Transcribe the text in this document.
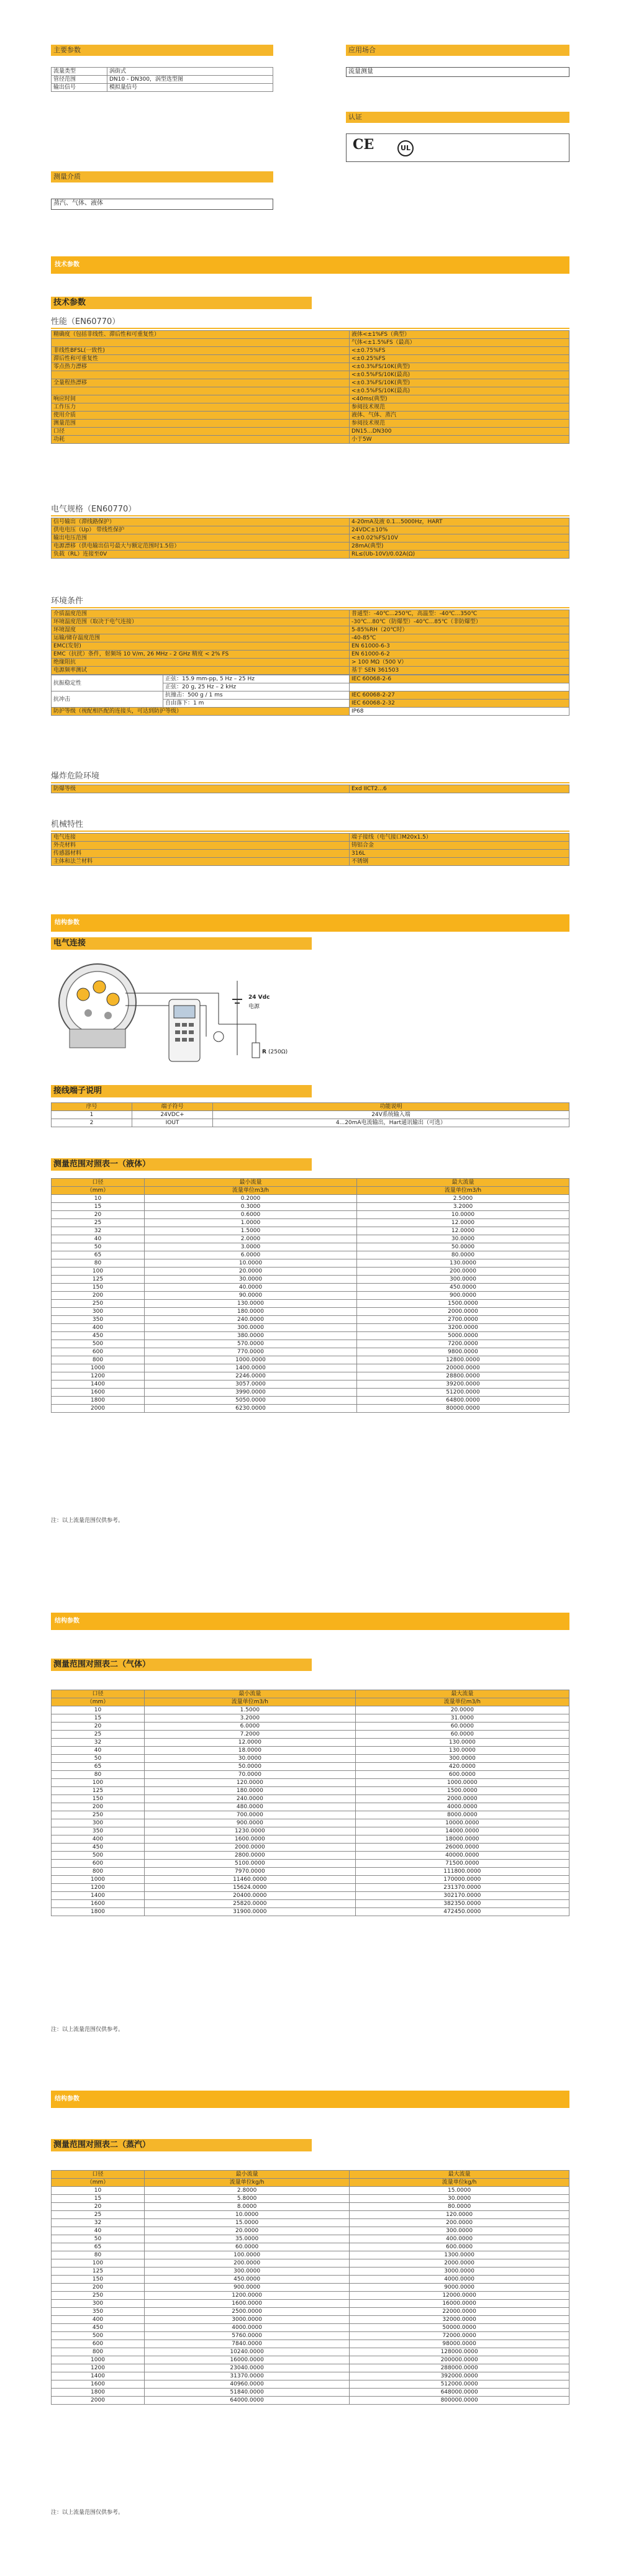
主要参数
流量类型	涡街式
管径范围	DN10 - DN300，涡型选型图
输出信号	模拟量信号
应用场合
流量测量
认证
CE	UL
测量介质
蒸汽、气体、液体
技术参数
技术参数
性能（EN60770）
精确度（包括非线性、滞后性和可重复性）	液体<±1%FS（典型）
	气体<±1.5%FS（最高）
非线性BFSL(一致性)	<±0.75%FS
滞后性和可重复性	<±0.25%FS
零点热力漂移	<±0.3%FS/10K(典型)
	<±0.5%FS/10K(最高)
全量程热漂移	<±0.3%FS/10K(典型)
	<±0.5%FS/10K(最高)
响应时间	<40ms(典型)
工作压力	参阅技术规范
使用介质	液体、气体、蒸汽
测量范围	参阅技术规范
口径	DN15...DN300
功耗	小于5W
电气规格（EN60770）
信号输出（滞线路保护）	4-20mA及液 0.1...5000Hz，HART
供电电压（Up） 带线性保护	24VDC±10%
输出电压范围	<±0.02%FS/10V
电源漂移（供电输出信号最大与额定范围时1.5倍）	28mA(典型)
负载（RL）连接至0V	RL≤(Ub-10V)/0.02A(Ω)
环境条件
介质温度范围	普通型：-40℃...250℃，高温型：-40℃...350℃
环境温度范围（取决于电气连接）	-30℃...80℃（防爆型）-40℃...85℃（非防爆型）
环境湿度	5-85%RH（20℃时）
运输/储存温度范围	-40-85℃
EMC(发射)	EN 61000-6-3
EMC（抗扰）条件，射频场 10 V/m, 26 MHz - 2 GHz 精度 < 2% FS	EN 61000-6-2
绝缘阻抗	> 100 MΩ（500 V）
电源频率测试	基于 SEN 361503
抗振稳定性	正弦：15.9 mm-pp, 5 Hz – 25 Hz	IEC 60068-2-6
	正弦：20 g, 25 Hz – 2 kHz	
抗冲击	抗撞击：500 g / 1 ms	IEC 60068-2-27
	自由落下：1 m	IEC 60068-2-32
防护等级（视配相匹配的连接头，可达到防护等级）		IP68
爆炸危险环境
防爆等级	Exd IICT2...6
机械特性
电气连接	端子接线（电气接口M20x1.5）
外壳材料	铸铝合金
传感器材料	316L
主体和法兰材料	不锈钢
结构参数
电气连接
24 Vdc
电源
R (250Ω)
接线端子说明
序号	端子符号	功能说明
1	24VDC+	24V系统输入端
2	IOUT	4...20mA电流输出，Hart通讯输出（可选）
测量范围对照表一（液体）
口径	最小流量	最大流量
（mm）	流量单位m3/h	流量单位m3/h
10	0.2000	2.5000
15	0.3000	3.2000
20	0.6000	10.0000
25	1.0000	12.0000
32	1.5000	12.0000
40	2.0000	30.0000
50	3.0000	50.0000
65	6.0000	80.0000
80	10.0000	130.0000
100	20.0000	200.0000
125	30.0000	300.0000
150	40.0000	450.0000
200	90.0000	900.0000
250	130.0000	1500.0000
300	180.0000	2000.0000
350	240.0000	2700.0000
400	300.0000	3200.0000
450	380.0000	5000.0000
500	570.0000	7200.0000
600	770.0000	9800.0000
800	1000.0000	12800.0000
1000	1400.0000	20000.0000
1200	2246.0000	28800.0000
1400	3057.0000	39200.0000
1600	3990.0000	51200.0000
1800	5050.0000	64800.0000
2000	6230.0000	80000.0000
注：以上流量范围仅供参考。
结构参数
测量范围对照表二（气体）
口径	最小流量	最大流量
（mm）	流量单位m3/h	流量单位m3/h
10	1.5000	20.0000
15	3.2000	31.0000
20	6.0000	60.0000
25	7.2000	60.0000
32	12.0000	130.0000
40	18.0000	130.0000
50	30.0000	300.0000
65	50.0000	420.0000
80	70.0000	600.0000
100	120.0000	1000.0000
125	180.0000	1500.0000
150	240.0000	2000.0000
200	480.0000	4000.0000
250	700.0000	8000.0000
300	900.0000	10000.0000
350	1230.0000	14000.0000
400	1600.0000	18000.0000
450	2000.0000	26000.0000
500	2800.0000	40000.0000
600	5100.0000	71500.0000
800	7970.0000	111800.0000
1000	11460.0000	170000.0000
1200	15624.0000	231370.0000
1400	20400.0000	302170.0000
1600	25820.0000	382350.0000
1800	31900.0000	472450.0000
注：以上流量范围仅供参考。
结构参数
测量范围对照表二（蒸汽）
口径	最小流量	最大流量
（mm）	流量单位kg/h	流量单位kg/h
10	2.8000	15.0000
15	5.8000	30.0000
20	8.0000	80.0000
25	10.0000	120.0000
32	15.0000	200.0000
40	20.0000	300.0000
50	35.0000	400.0000
65	60.0000	600.0000
80	100.0000	1300.0000
100	200.0000	2000.0000
125	300.0000	3000.0000
150	450.0000	4000.0000
200	900.0000	9000.0000
250	1200.0000	12000.0000
300	1600.0000	16000.0000
350	2500.0000	22000.0000
400	3000.0000	32000.0000
450	4000.0000	50000.0000
500	5760.0000	72000.0000
600	7840.0000	98000.0000
800	10240.0000	128000.0000
1000	16000.0000	200000.0000
1200	23040.0000	288000.0000
1400	31370.0000	392000.0000
1600	40960.0000	512000.0000
1800	51840.0000	648000.0000
2000	64000.0000	800000.0000
注：以上流量范围仅供参考。
